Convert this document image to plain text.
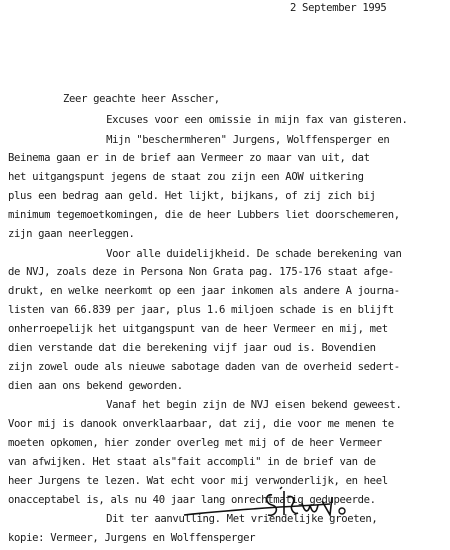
2 September 1995
Zeer geachte heer Asscher,
Excuses voor een omissie in mijn fax van gisteren.
Mijn "beschermheren" Jurgens, Wolffensperger en
Beinema gaan er in de brief aan Vermeer zo maar van uit, dat
het uitgangspunt jegens de staat zou zijn een AOW uitkering
plus een bedrag aan geld. Het lijkt, bijkans, of zij zich bij
minimum tegemoetkomingen, die de heer Lubbers liet doorschemeren,
zijn gaan neerleggen.
Voor alle duidelijkheid. De schade berekening van
de NVJ, zoals deze in Persona Non Grata pag. 175-176 staat afge-
drukt, en welke neerkomt op een jaar inkomen als andere A journa-
listen van 66.839 per jaar, plus 1.6 miljoen schade is en blijft
onherroepelijk het uitgangspunt van de heer Vermeer en mij, met
dien verstande dat die berekening vijf jaar oud is. Bovendien
zijn zowel oude als nieuwe sabotage daden van de overheid sedert-
dien aan ons bekend geworden.
Vanaf het begin zijn de NVJ eisen bekend geweest.
Voor mij is danook onverklaarbaar, dat zij, die voor me menen te
moeten opkomen, hier zonder overleg met mij of de heer Vermeer
van afwijken. Het staat als"fait accompli" in de brief van de
heer Jurgens te lezen. Wat echt voor mij verwonderlijk, en heel
onacceptabel is, als nu 40 jaar lang onrechtmatig gedupeerde.
Dit ter aanvulling. Met vriendelijke groeten,
kopie: Vermeer, Jurgens en Wolffensperger
